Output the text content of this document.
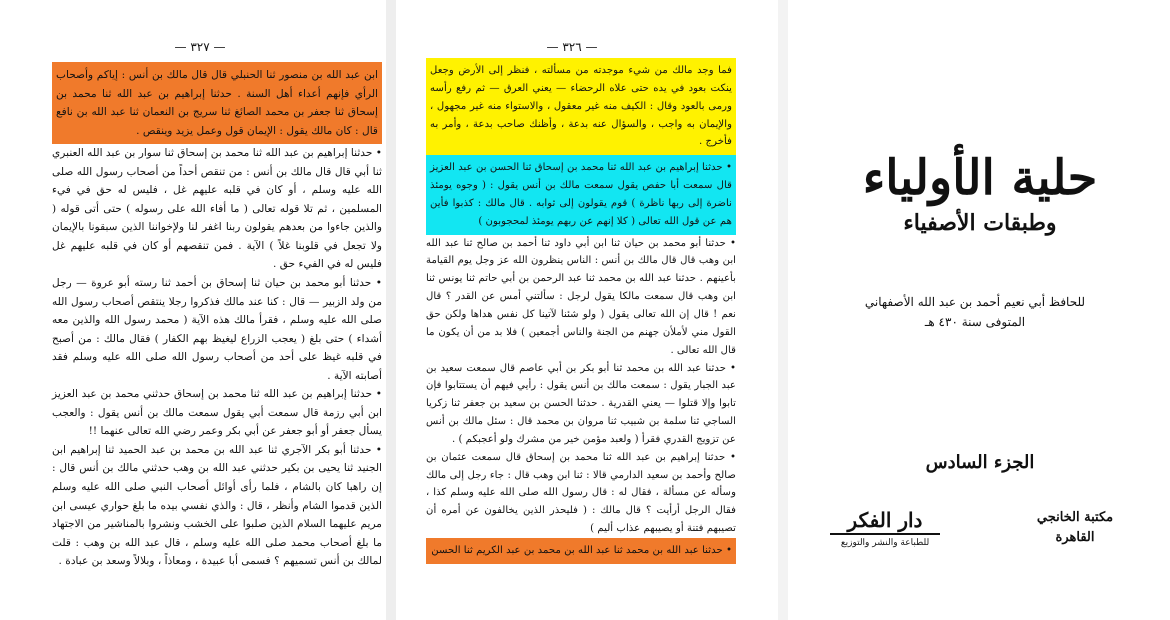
— ٣٢٧ —

ابن عبد الله بن منصور ثنا الحنبلي قال قال مالك بن أنس : إياكم وأصحاب الرأي فإنهم أعداء أهل السنة . حدثنا إبراهيم بن عبد الله ثنا محمد بن إسحاق ثنا جعفر بن محمد الصائغ ثنا سريج بن النعمان ثنا عبد الله بن نافع قال : كان مالك يقول : الإيمان قول وعمل يزيد وينقص .

• حدثنا إبراهيم بن عبد الله ثنا محمد بن إسحاق ثنا سوار بن عبد الله العنبري ثنا أبي قال قال مالك بن أنس : من تنقص أحداً من أصحاب رسول الله صلى الله عليه وسلم ، أو كان في قلبه عليهم غل ، فليس له حق في فيء المسلمين ، ثم تلا قوله تعالى ( ما أفاء الله على رسوله ) حتى أتى قوله ( والذين جاءوا من بعدهم يقولون ربنا اغفر لنا ولإخواننا الذين سبقونا بالإيمان ولا تجعل في قلوبنا غلاً ) الآية . فمن تنقصهم أو كان في قلبه عليهم غل فليس له في الفيء حق .

• حدثنا أبو محمد بن حيان ثنا إسحاق بن أحمد ثنا رسته أبو عروة — رجل من ولد الزبير — قال : كنا عند مالك فذكروا رجلا ينتقص أصحاب رسول الله صلى الله عليه وسلم ، فقرأ مالك هذه الآية ( محمد رسول الله والذين معه أشداء ) حتى بلغ ( يعجب الزراع ليغيظ بهم الكفار ) فقال مالك : من أصبح في قلبه غيظ على أحد من أصحاب رسول الله صلى الله عليه وسلم فقد أصابته الآية .

• حدثنا إبراهيم بن عبد الله ثنا محمد بن إسحاق حدثني محمد بن عبد العزيز ابن أبي رزمة قال سمعت أبي يقول سمعت مالك بن أنس يقول : والعجب يسأل جعفر أو أبو جعفر عن أبي بكر وعمر رضي الله تعالى عنهما !!

• حدثنا أبو بكر الآجري ثنا عبد الله بن محمد بن عبد الحميد ثنا إبراهيم ابن الجنيد ثنا يحيى بن بكير حدثني عبد الله بن وهب حدثني مالك بن أنس قال : إن راهبا كان بالشام ، فلما رأى أوائل أصحاب النبي صلى الله عليه وسلم الذين قدموا الشام وأنظر ، قال : والذي نفسي بيده ما بلغ حواري عيسى ابن مريم عليهما السلام الذين صلبوا على الخشب ونشروا بالمناشير من الاجتهاد ما بلغ أصحاب محمد صلى الله عليه وسلم ، قال عبد الله بن وهب : قلت لمالك بن أنس تسميهم ؟ فسمى أبا عبيدة ، ومعاذاً ، وبلالاً وسعد بن عبادة .

— ٣٢٦ —

فما وجد مالك من شيء موجدته من مسألته ، فنظر إلى الأرض وجعل ينكت بعود في يده حتى علاه الرحضاء — يعني العرق — ثم رفع رأسه ورمى بالعود وقال : الكيف منه غير معقول ، والاستواء منه غير مجهول ، والإيمان به واجب ، والسؤال عنه بدعة ، وأظنك صاحب بدعة ، وأمر به فأخرج .

• حدثنا إبراهيم بن عبد الله ثنا محمد بن إسحاق ثنا الحسن بن عبد العزيز قال سمعت أبا حفص يقول سمعت مالك بن أنس يقول : ( وجوه يومئذ ناضرة إلى ربها ناظرة ) قوم يقولون إلى ثوابه . قال مالك : كذبوا فأين هم عن قول الله تعالى ( كلا إنهم عن ربهم يومئذ لمحجوبون )

• حدثنا أبو محمد بن حيان ثنا ابن أبي داود ثنا أحمد بن صالح ثنا عبد الله ابن وهب قال قال مالك بن أنس : الناس ينظرون الله عز وجل يوم القيامة بأعينهم . حدثنا عبد الله بن محمد ثنا عبد الرحمن بن أبي حاتم ثنا يونس ثنا ابن وهب قال سمعت مالكا يقول لرجل : سألتني أمس عن القدر ؟ قال نعم ! قال إن الله تعالى يقول ( ولو شئنا لآتينا كل نفس هداها ولكن حق القول مني لأملأن جهنم من الجنة والناس أجمعين ) فلا بد من أن يكون ما قال الله تعالى .

• حدثنا عبد الله بن محمد ثنا أبو بكر بن أبي عاصم قال سمعت سعيد بن عبد الجبار يقول : سمعت مالك بن أنس يقول : رأيي فيهم أن يستتابوا فإن تابوا وإلا قتلوا — يعني القدرية . حدثنا الحسن بن سعيد بن جعفر ثنا زكريا الساجي ثنا سلمة بن شبيب ثنا مروان بن محمد قال : سئل مالك بن أنس عن تزويج القدري فقرأ ( ولعبد مؤمن خير من مشرك ولو أعجبكم ) .

• حدثنا إبراهيم بن عبد الله ثنا محمد بن إسحاق قال سمعت عثمان بن صالح وأحمد بن سعيد الدارمي قالا : ثنا ابن وهب قال : جاء رجل إلى مالك وسأله عن مسألة ، فقال له : قال رسول الله صلى الله عليه وسلم كذا ، فقال الرجل أرأيت ؟ قال مالك : ( فليحذر الذين يخالفون عن أمره أن تصيبهم فتنة أو يصيبهم عذاب أليم )

• حدثنا عبد الله بن محمد ثنا عبد الله بن محمد بن عبد الكريم ثنا الحسن

حلية الأولياء
وطبقات الأصفياء
للحافظ أبي نعيم أحمد بن عبد الله الأصفهاني
المتوفى سنة ٤٣٠ هـ
الجزء السادس
مكتبة الخانجي
القاهرة
دار الفكر
للطباعة والنشر والتوزيع
